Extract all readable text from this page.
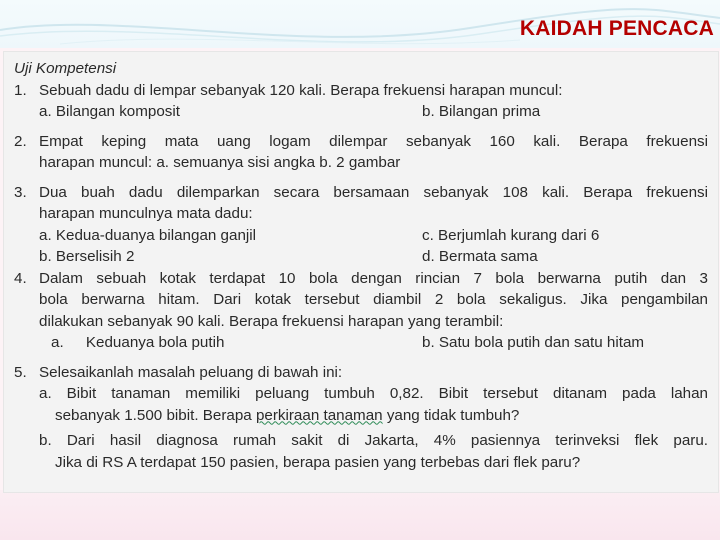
KAIDAH PENCACA
Uji Kompetensi
1. Sebuah dadu di lempar sebanyak 120 kali. Berapa frekuensi harapan muncul:
a. Bilangan komposit	b. Bilangan prima
2. Empat keping mata uang logam dilempar sebanyak 160 kali. Berapa frekuensi
harapan muncul: a. semuanya sisi angka b. 2 gambar
3. Dua buah dadu dilemparkan secara bersamaan sebanyak 108 kali. Berapa frekuensi
harapan munculnya mata dadu:
a. Kedua-duanya bilangan ganjil	c. Berjumlah kurang dari 6
b. Berselisih 2	d. Bermata sama
4. Dalam sebuah kotak terdapat 10 bola dengan rincian 7 bola berwarna putih dan 3
bola berwarna hitam. Dari kotak tersebut diambil 2 bola sekaligus. Jika pengambilan
dilakukan sebanyak 90 kali. Berapa frekuensi harapan yang terambil:
a. Keduanya bola putih	b. Satu bola putih dan satu hitam
5. Selesaikanlah masalah peluang di bawah ini:
a. Bibit tanaman memiliki peluang tumbuh 0,82. Bibit tersebut ditanam pada lahan
sebanyak 1.500 bibit. Berapa perkiraan tanaman yang tidak tumbuh?
b. Dari hasil diagnosa rumah sakit di Jakarta, 4% pasiennya terinveksi flek paru.
Jika di RS A terdapat 150 pasien, berapa pasien yang terbebas dari flek paru?
